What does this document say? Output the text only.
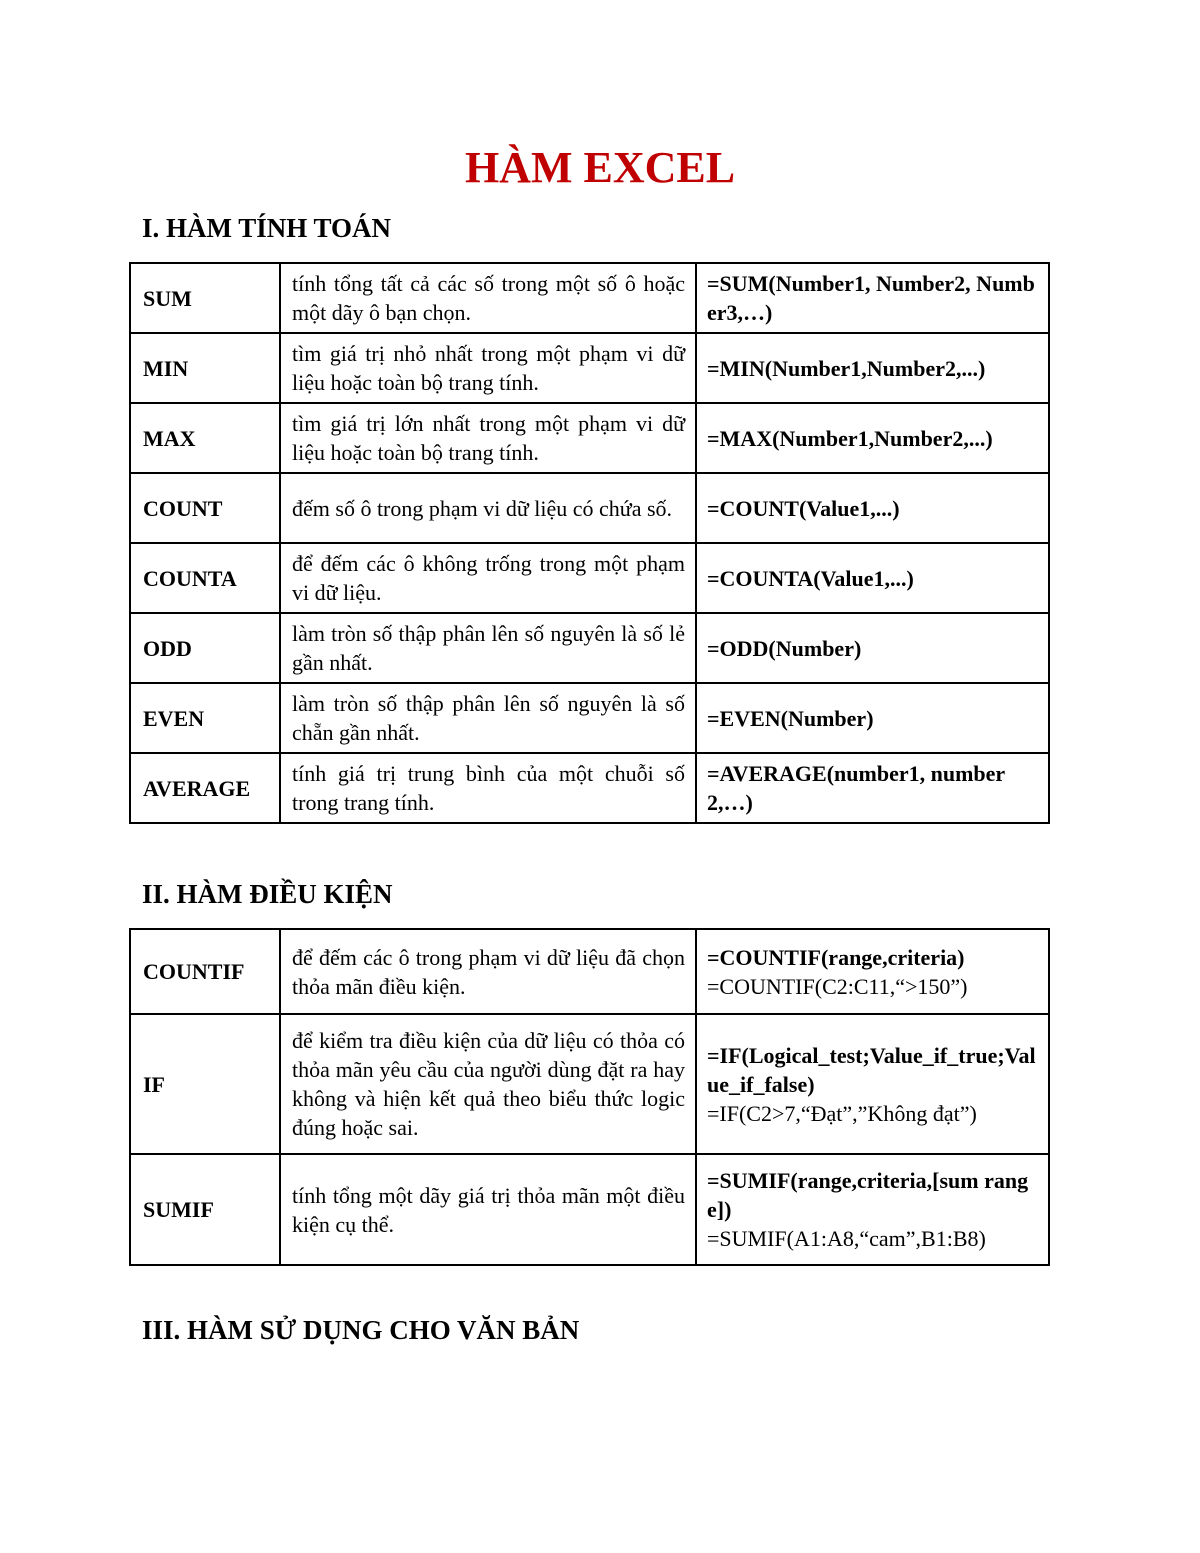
HÀM EXCEL
I. HÀM TÍNH TOÁN
SUM	tính tổng tất cả các số trong một số ô hoặc một dãy ô bạn chọn.	=SUM(Number1, Number2, Number3,…)

MIN	tìm giá trị nhỏ nhất trong một phạm vi dữ liệu hoặc toàn bộ trang tính.	=MIN(Number1,Number2,...)

MAX	tìm giá trị lớn nhất trong một phạm vi dữ liệu hoặc toàn bộ trang tính.	=MAX(Number1,Number2,...)

COUNT	đếm số ô trong phạm vi dữ liệu có chứa số.	=COUNT(Value1,...)

COUNTA	để đếm các ô không trống trong một phạm vi dữ liệu.	=COUNTA(Value1,...)

ODD	làm tròn số thập phân lên số nguyên là số lẻ gần nhất.	=ODD(Number)

EVEN	làm tròn số thập phân lên số nguyên là số chẵn gần nhất.	=EVEN(Number)

AVERAGE	tính giá trị trung bình của một chuỗi số trong trang tính.	=AVERAGE(number1, number2,…)
II. HÀM ĐIỀU KIỆN
COUNTIF	để đếm các ô trong phạm vi dữ liệu đã chọn thỏa mãn điều kiện.	=COUNTIF(range,criteria)
=COUNTIF(C2:C11,“>150”)

IF	để kiểm tra điều kiện của dữ liệu có thỏa có thỏa mãn yêu cầu của người dùng đặt ra hay không và hiện kết quả theo biểu thức logic đúng hoặc sai.	=IF(Logical_test;Value_if_true;Value_if_false)
=IF(C2>7,“Đạt”,”Không đạt”)

SUMIF	tính tổng một dãy giá trị thỏa mãn một điều kiện cụ thể.	=SUMIF(range,criteria,[sum range])
=SUMIF(A1:A8,“cam”,B1:B8)
III. HÀM SỬ DỤNG CHO VĂN BẢN
